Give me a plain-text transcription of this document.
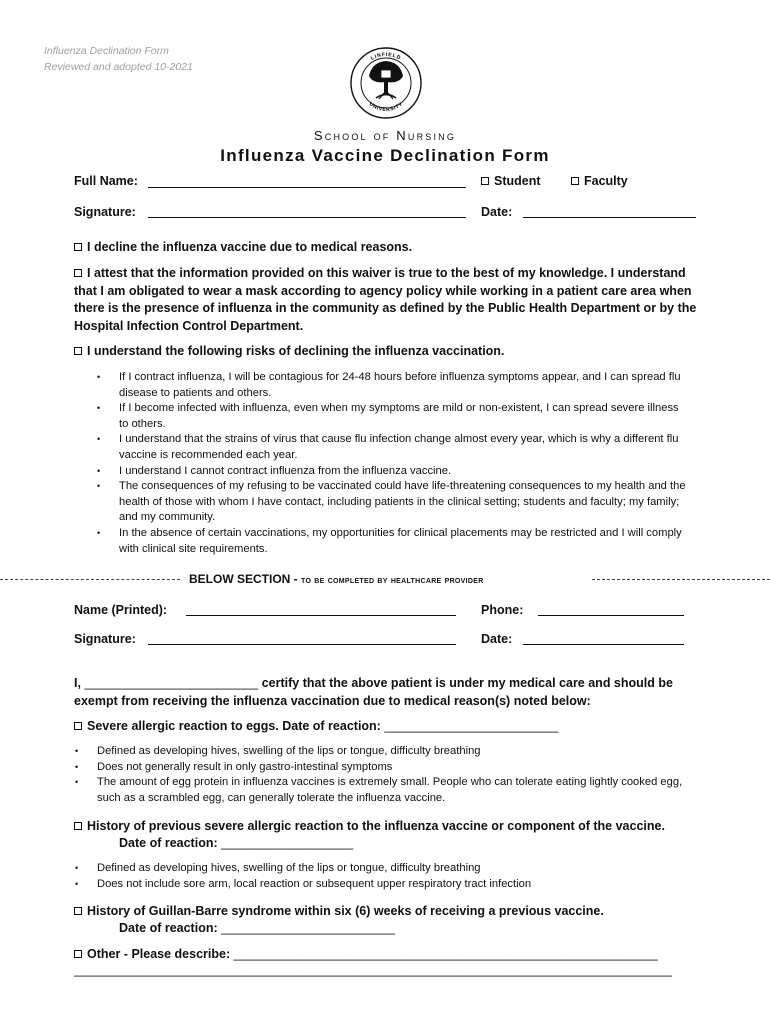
Influenza Declination Form
Reviewed and adopted 10-2021
LINFIELD
UNIVERSITY
School of Nursing
Influenza Vaccine Declination Form
Full Name:	Student	Faculty
Signature:	Date:
I decline the influenza vaccine due to medical reasons.
I attest that the information provided on this waiver is true to the best of my knowledge. I understand that I am obligated to wear a mask according to agency policy while working in a patient care area when there is the presence of influenza in the community as defined by the Public Health Department or by the Hospital Infection Control Department.
I understand the following risks of declining the influenza vaccination.
• If I contract influenza, I will be contagious for 24-48 hours before influenza symptoms appear, and I can spread flu disease to patients and others.
• If I become infected with influenza, even when my symptoms are mild or non-existent, I can spread severe illness to others.
• I understand that the strains of virus that cause flu infection change almost every year, which is why a different flu vaccine is recommended each year.
• I understand I cannot contract influenza from the influenza vaccine.
• The consequences of my refusing to be vaccinated could have life-threatening consequences to my health and the health of those with whom I have contact, including patients in the clinical setting; students and faculty; my family; and my community.
• In the absence of certain vaccinations, my opportunities for clinical placements may be restricted and I will comply with clinical site requirements.
BELOW SECTION - to be completed by healthcare provider
Name (Printed):	Phone:
Signature:	Date:
I, _________________________ certify that the above patient is under my medical care and should be exempt from receiving the influenza vaccination due to medical reason(s) noted below:
Severe allergic reaction to eggs. Date of reaction: _________________________
• Defined as developing hives, swelling of the lips or tongue, difficulty breathing
• Does not generally result in only gastro-intestinal symptoms
• The amount of egg protein in influenza vaccines is extremely small. People who can tolerate eating lightly cooked egg, such as a scrambled egg, can generally tolerate the influenza vaccine.
History of previous severe allergic reaction to the influenza vaccine or component of the vaccine.
Date of reaction: ___________________
• Defined as developing hives, swelling of the lips or tongue, difficulty breathing
• Does not include sore arm, local reaction or subsequent upper respiratory tract infection
History of Guillan-Barre syndrome within six (6) weeks of receiving a previous vaccine.
Date of reaction: _________________________
Other - Please describe: _____________________________________________________________
______________________________________________________________________________________
